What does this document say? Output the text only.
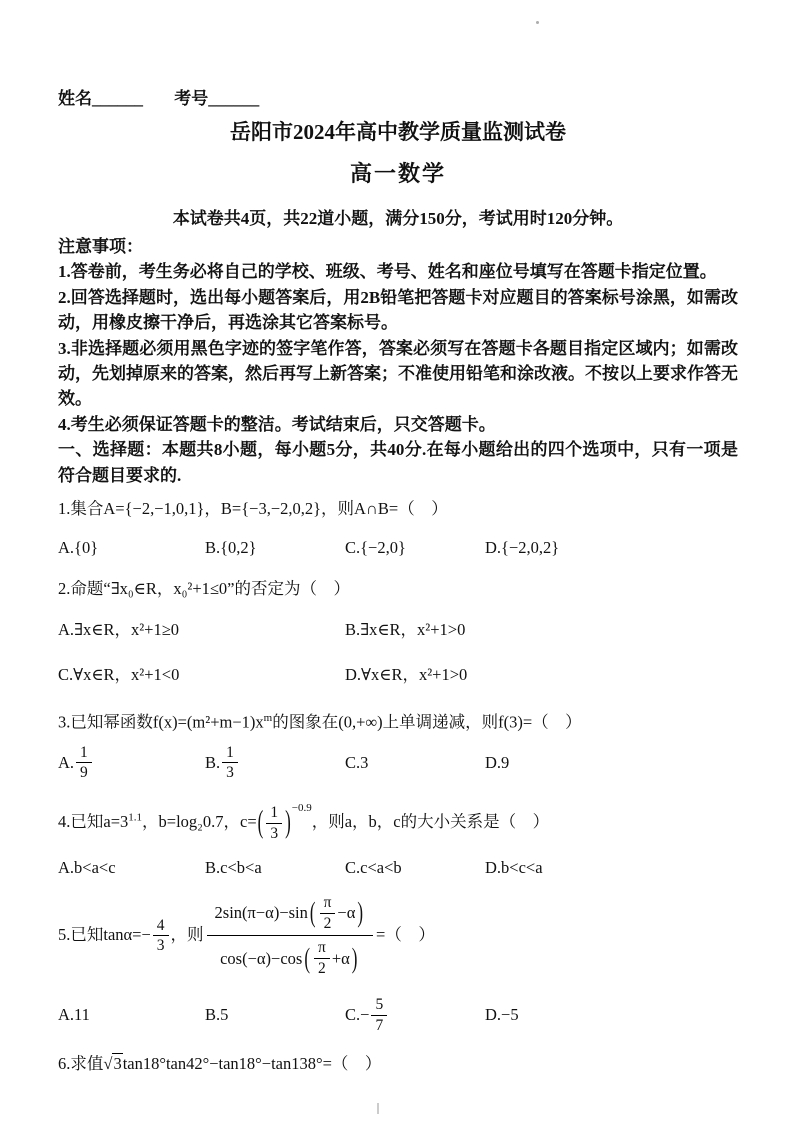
姓名______ 考号______
岳阳市2024年高中教学质量监测试卷
高一数学
本试卷共4页，共22道小题，满分150分，考试用时120分钟。
注意事项：
1.答卷前，考生务必将自己的学校、班级、考号、姓名和座位号填写在答题卡指定位置。
2.回答选择题时，选出每小题答案后，用2B铅笔把答题卡对应题目的答案标号涂黑，如需改动，用橡皮擦干净后，再选涂其它答案标号。
3.非选择题必须用黑色字迹的签字笔作答，答案必须写在答题卡各题目指定区域内；如需改动，先划掉原来的答案，然后再写上新答案；不准使用铅笔和涂改液。不按以上要求作答无效。
4.考生必须保证答题卡的整洁。考试结束后，只交答题卡。
一、选择题：本题共8小题，每小题5分，共40分.在每小题给出的四个选项中，只有一项是符合题目要求的.
1.集合A={−2,−1,0,1}，B={−3,−2,0,2}，则A∩B=（　）
A.{0}	B.{0,2}	C.{−2,0}	D.{−2,0,2}
2.命题“∃x₀∈R，x₀²+1≤0”的否定为（　）
A.∃x∈R，x²+1≥0	B.∃x∈R，x²+1>0
C.∀x∈R，x²+1<0	D.∀x∈R，x²+1>0
3.已知幂函数$f(x)=(m^2+m-1)x^m$的图象在(0,+∞)上单调递减，则f(3)=（　）
A. $\frac{1}{9}$	B. $\frac{1}{3}$	C.3	D.9
4.已知$a=3^{1.1}$，b=log₂0.7，$c=( \frac{1}{3} )^{-0.9}$，则a，b，c的大小关系是（　）
A.b<a<c	B.c<b<a	C.c<a<b	D.b<c<a
5.已知$\tan\alpha=- \frac{4}{3}$ ，则 $\frac{2\sin(\pi-\alpha)-\sin ( \frac{\pi}{2} -\alpha )}{\cos(-\alpha)-\cos ( \frac{\pi}{2} +\alpha )}$ =（　）
A.11	B.5	$C.- \frac{5}{7}$	D.−5
6.求值√3tan18°tan42°−tan18°−tan138°=（　）
